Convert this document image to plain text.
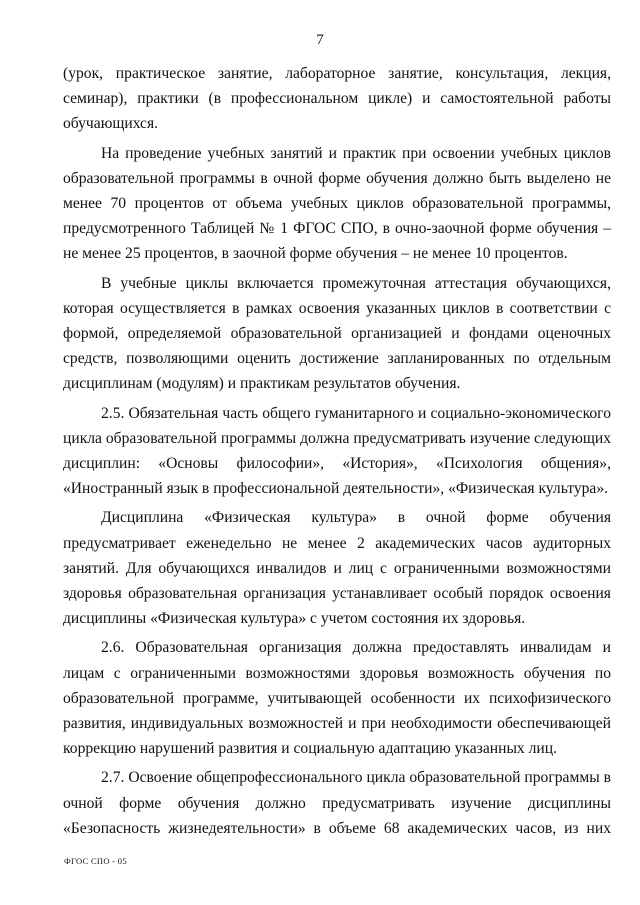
7

(урок, практическое занятие, лабораторное занятие, консультация, лекция, семинар), практики (в профессиональном цикле) и самостоятельной работы обучающихся.

На проведение учебных занятий и практик при освоении учебных циклов образовательной программы в очной форме обучения должно быть выделено не менее 70 процентов от объема учебных циклов образовательной программы, предусмотренного Таблицей № 1 ФГОС СПО, в очно-заочной форме обучения – не менее 25 процентов, в заочной форме обучения – не менее 10 процентов.

В учебные циклы включается промежуточная аттестация обучающихся, которая осуществляется в рамках освоения указанных циклов в соответствии с формой, определяемой образовательной организацией и фондами оценочных средств, позволяющими оценить достижение запланированных по отдельным дисциплинам (модулям) и практикам результатов обучения.

2.5. Обязательная часть общего гуманитарного и социально-экономического цикла образовательной программы должна предусматривать изучение следующих дисциплин: «Основы философии», «История», «Психология общения», «Иностранный язык в профессиональной деятельности», «Физическая культура».

Дисциплина «Физическая культура» в очной форме обучения предусматривает еженедельно не менее 2 академических часов аудиторных занятий. Для обучающихся инвалидов и лиц с ограниченными возможностями здоровья образовательная организация устанавливает особый порядок освоения дисциплины «Физическая культура» с учетом состояния их здоровья.

2.6. Образовательная организация должна предоставлять инвалидам и лицам с ограниченными возможностями здоровья возможность обучения по образовательной программе, учитывающей особенности их психофизического развития, индивидуальных возможностей и при необходимости обеспечивающей коррекцию нарушений развития и социальную адаптацию указанных лиц.

2.7. Освоение общепрофессионального цикла образовательной программы в очной форме обучения должно предусматривать изучение дисциплины «Безопасность жизнедеятельности» в объеме 68 академических часов, из них

ФГОС СПО - 05
